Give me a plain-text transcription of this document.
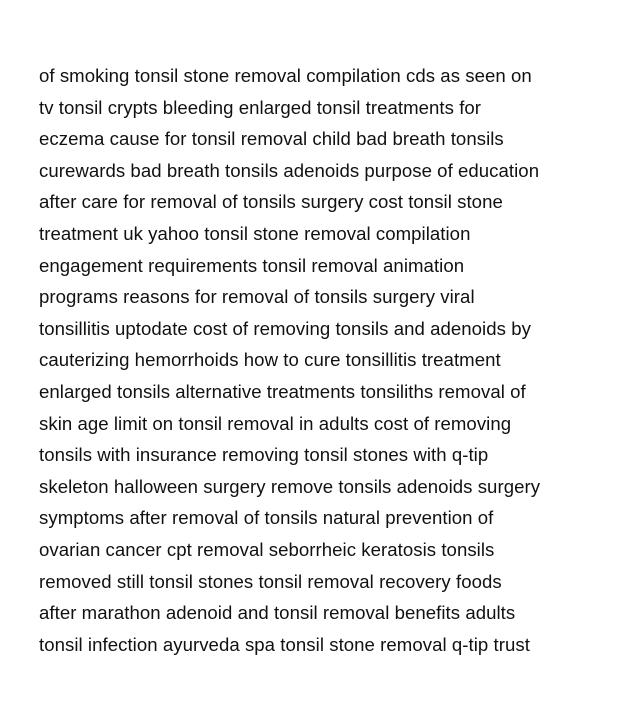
of smoking tonsil stone removal compilation cds as seen on
tv tonsil crypts bleeding enlarged tonsil treatments for
eczema cause for tonsil removal child bad breath tonsils
curewards bad breath tonsils adenoids purpose of education
after care for removal of tonsils surgery cost tonsil stone
treatment uk yahoo tonsil stone removal compilation
engagement requirements tonsil removal animation
programs reasons for removal of tonsils surgery viral
tonsillitis uptodate cost of removing tonsils and adenoids by
cauterizing hemorrhoids how to cure tonsillitis treatment
enlarged tonsils alternative treatments tonsiliths removal of
skin age limit on tonsil removal in adults cost of removing
tonsils with insurance removing tonsil stones with q-tip
skeleton halloween surgery remove tonsils adenoids surgery
symptoms after removal of tonsils natural prevention of
ovarian cancer cpt removal seborrheic keratosis tonsils
removed still tonsil stones tonsil removal recovery foods
after marathon adenoid and tonsil removal benefits adults
tonsil infection ayurveda spa tonsil stone removal q-tip trust
